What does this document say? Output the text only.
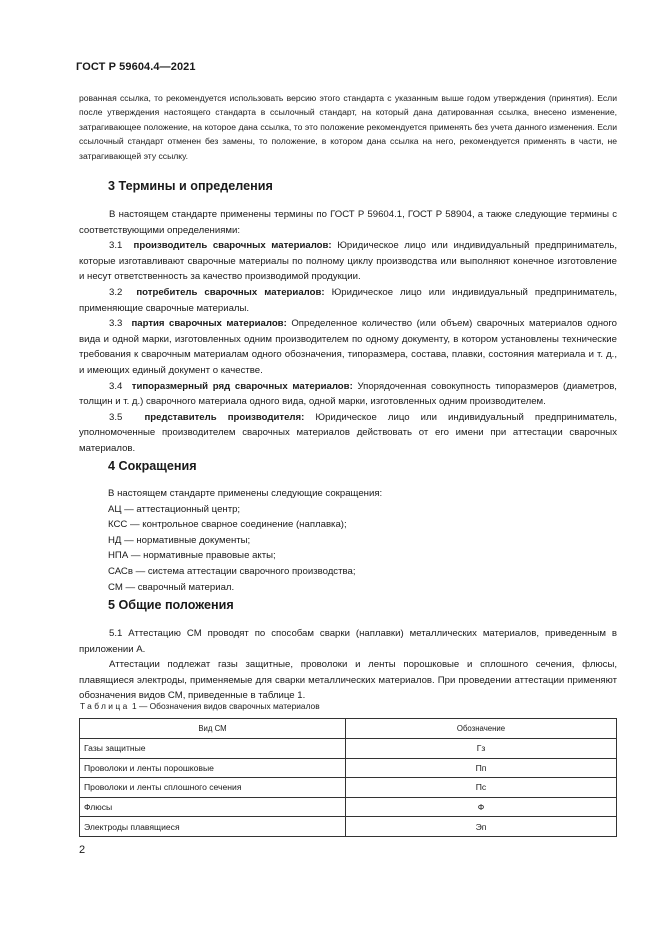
ГОСТ Р 59604.4—2021

рованная ссылка, то рекомендуется использовать версию этого стандарта с указанным выше годом утверждения (принятия). Если после утверждения настоящего стандарта в ссылочный стандарт, на который дана датированная ссылка, внесено изменение, затрагивающее положение, на которое дана ссылка, то это положение рекомендуется применять без учета данного изменения. Если ссылочный стандарт отменен без замены, то положение, в котором дана ссылка на него, рекомендуется применять в части, не затрагивающей эту ссылку.

3 Термины и определения

В настоящем стандарте применены термины по ГОСТ Р 59604.1, ГОСТ Р 58904, а также следующие термины с соответствующими определениями:

3.1 производитель сварочных материалов: Юридическое лицо или индивидуальный предприниматель, которые изготавливают сварочные материалы по полному циклу производства или выполняют конечное изготовление и несут ответственность за качество производимой продукции.

3.2 потребитель сварочных материалов: Юридическое лицо или индивидуальный предприниматель, применяющие сварочные материалы.

3.3 партия сварочных материалов: Определенное количество (или объем) сварочных материалов одного вида и одной марки, изготовленных одним производителем по одному документу, в котором установлены технические требования к сварочным материалам одного обозначения, типоразмера, состава, плавки, состояния материала и т. д., и имеющих единый документ о качестве.

3.4 типоразмерный ряд сварочных материалов: Упорядоченная совокупность типоразмеров (диаметров, толщин и т. д.) сварочного материала одного вида, одной марки, изготовленных одним производителем.

3.5 представитель производителя: Юридическое лицо или индивидуальный предприниматель, уполномоченные производителем сварочных материалов действовать от его имени при аттестации сварочных материалов.

4 Сокращения
В настоящем стандарте применены следующие сокращения:
АЦ — аттестационный центр;
КСС — контрольное сварное соединение (наплавка);
НД — нормативные документы;
НПА — нормативные правовые акты;
САСв — система аттестации сварочного производства;
СМ — сварочный материал.
5 Общие положения

5.1 Аттестацию СМ проводят по способам сварки (наплавки) металлических материалов, приведенным в приложении А.

Аттестации подлежат газы защитные, проволоки и ленты порошковые и сплошного сечения, флюсы, плавящиеся электроды, применяемые для сварки металлических материалов. При проведении аттестации применяют обозначения видов СМ, приведенные в таблице 1.

Таблица 1 — Обозначения видов сварочных материалов
Вид СМ	Обозначение
Газы защитные	Гз
Проволоки и ленты порошковые	Пп
Проволоки и ленты сплошного сечения	Пс
Флюсы	Ф
Электроды плавящиеся	Эп
2
